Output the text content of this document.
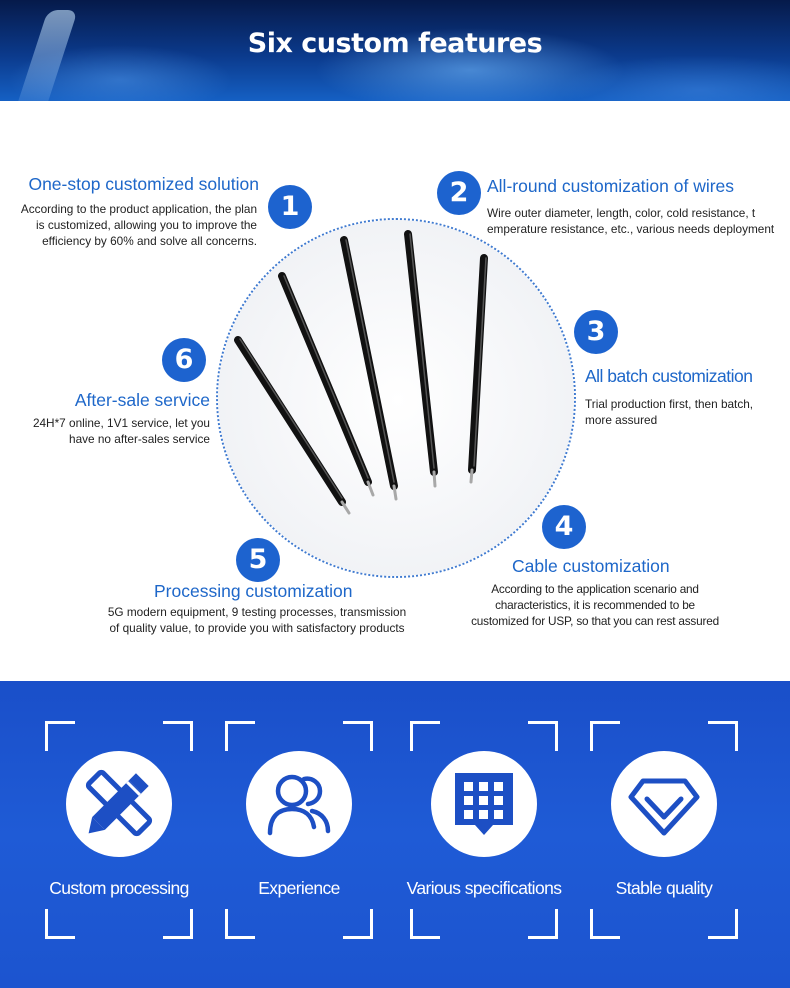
Six custom features
1
One-stop customized solution
According to the product application, the plan
is customized, allowing you to improve the
efficiency by 60% and solve all concerns.
2	All-round customization of wires
Wire outer diameter, length, color, cold resistance, t
emperature resistance, etc., various needs deployment
3
All batch customization
Trial production first, then batch,
more assured
4
Cable customization
According to the application scenario and
characteristics, it is recommended to be
customized for USP, so that you can rest assured
5
Processing customization
5G modern equipment, 9 testing processes, transmission
of quality value, to provide you with satisfactory products
6
After-sale service
24H*7 online, 1V1 service, let you
have no after-sales service
Custom processing	Experience	Various specifications	Stable quality
